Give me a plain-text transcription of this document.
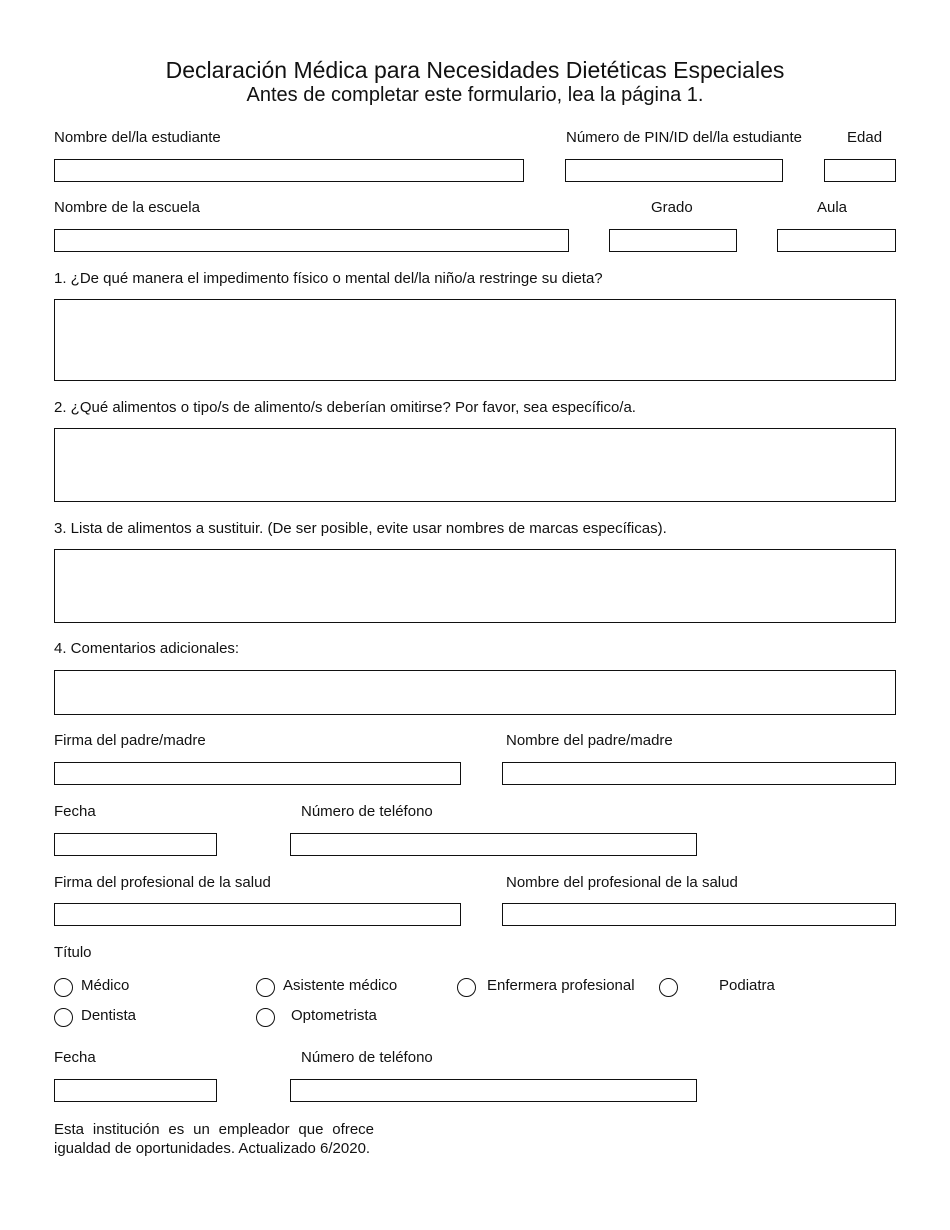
Declaración Médica para Necesidades Dietéticas Especiales
Antes de completar este formulario, lea la página 1.
Nombre del/la estudiante	Número de PIN/ID del/la estudiante	Edad
Nombre de la escuela	Grado	Aula
1. ¿De qué manera el impedimento físico o mental del/la niño/a restringe su dieta?
2. ¿Qué alimentos o tipo/s de alimento/s deberían omitirse? Por favor, sea específico/a.
3. Lista de alimentos a sustituir. (De ser posible, evite usar nombres de marcas específicas).
4. Comentarios adicionales:
Firma del padre/madre	Nombre del padre/madre
Fecha	Número de teléfono
Firma del profesional de la salud	Nombre del profesional de la salud
Título
Médico	Asistente médico	Enfermera profesional	Podiatra
Dentista	Optometrista
Fecha	Número de teléfono
Esta institución es un empleador que ofrece
igualdad de oportunidades. Actualizado 6/2020.
